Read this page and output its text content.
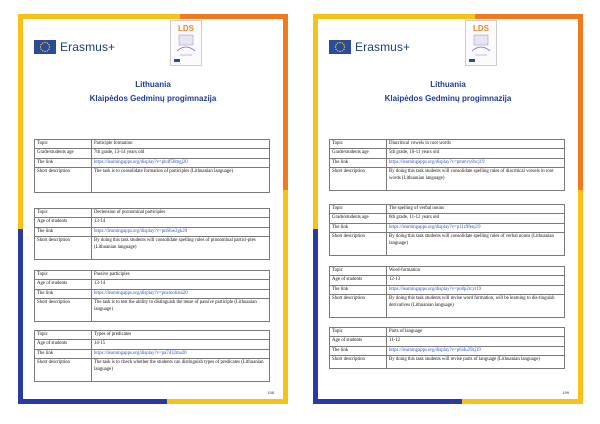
Erasmus+
LDS
Lithuania
Klaipėdos Gedminų progimnazija
Topic	Participle formation
Grade/students age	7th grade, 13-14 years old
The link	https://learningapps.org/display?v=pb4f50mgj20
Short description	The task is to consolidate formation of participles (Lithuanian language)
Topic	Declension of pronominal participles
Age of students	13-14
The link	https://learningapps.org/display?v=pn6foe2gk20
Short description	By doing this task students will consolidate spelling rules of pronominal partici-ples (Lithuanian language)
Topic	Passive participles
Age of students	13-14
The link	https://learningapps.org/display?v=pnzmobzta20
Short description	The task is to test the ability to distinguish the tense of passive participle (Lithuanian language)
Topic	Types of predicates
Age of students	14-15
The link	https://learningapps.org/display?v=pa7d32ma20
Short description	The task is to check whether the students can distinguish types of predicates (Lithuanian language)
198
Erasmus+
LDS
Lithuania
Klaipėdos Gedminų progimnazija
Topic	Diacritical vowels in root words
Grade/students age	5th grade, 10-11 years old
The link	https://learningapps.org/display?v=pmmvy8xcj19
Short description	By doing this task students will consolidate spelling rules of diacritical vowels in root words (Lithuanian language)
Topic	The spelling of verbal nouns
Grade/students age	6th grade, 11-12 years old
The link	https://learningapps.org/display?v=p11z9fenj19
Short description	By doing this task students will consolidate spelling rules of verbal nouns (Lithuanian language)
Topic	Word-formation
Age of students	12-13
The link	https://learningapps.org/display?v=po8p2rcyt19
Short description	By doing this task students will revise word formation, will be learning to dis-tinguish derivatives (Lithuanian language)
Topic	Parts of language
Age of students	11-12
The link	https://learningapps.org/display?v=p6i4u29zj19
Short description	By doing this task students will revise parts of language (Lithuanian language)
199
